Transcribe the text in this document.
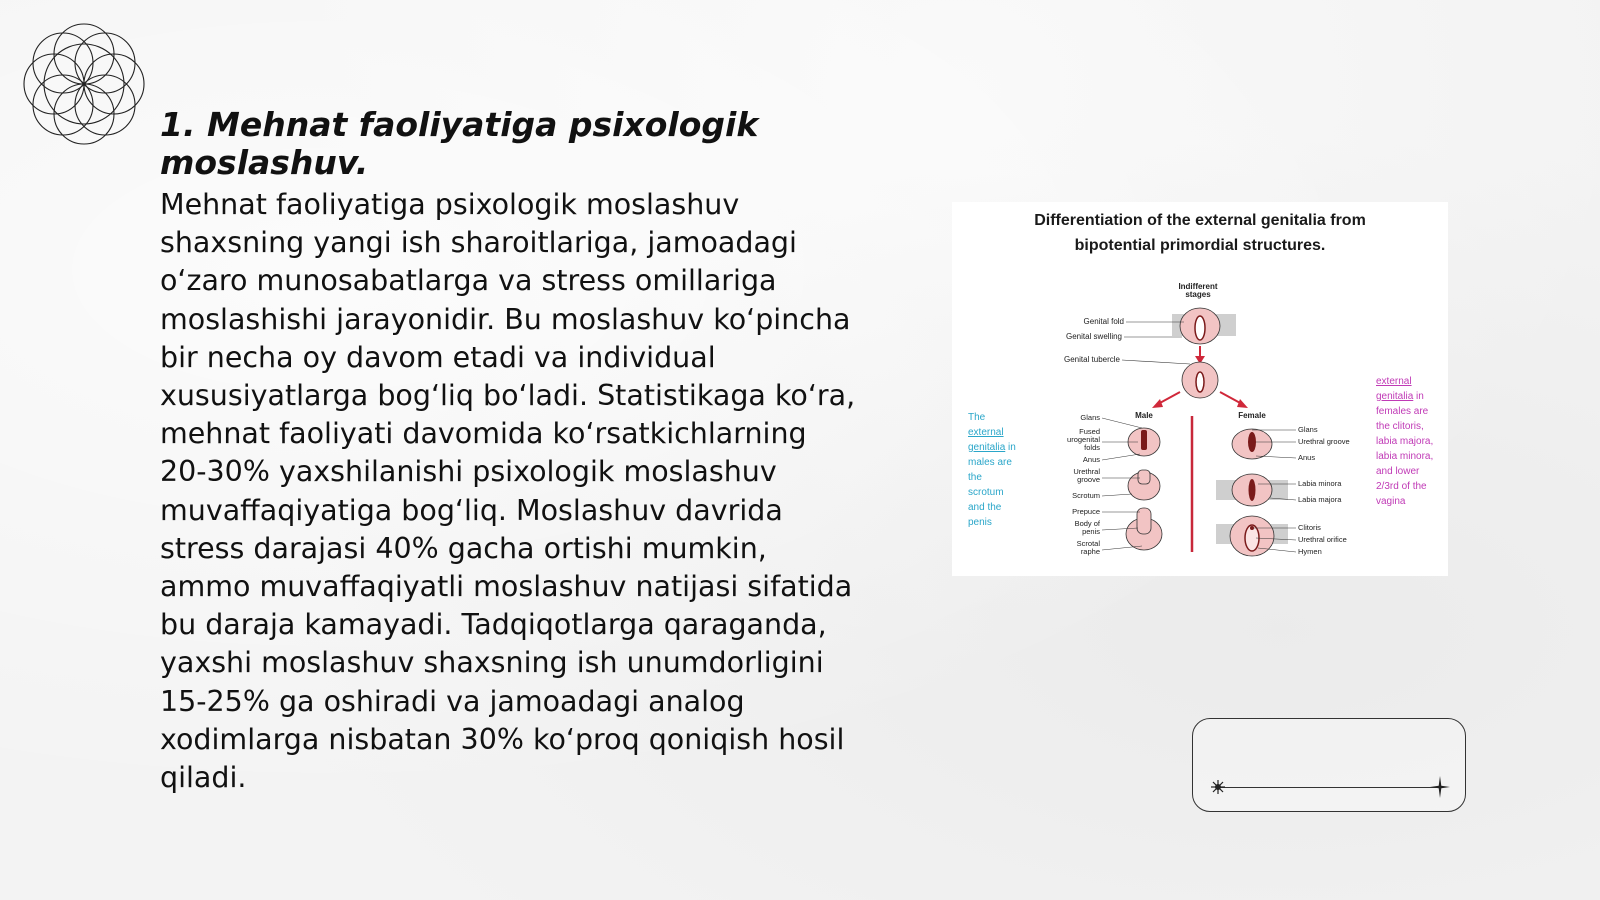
1. Mehnat faoliyatiga psixologik moslashuv.

Mehnat faoliyatiga psixologik moslashuv shaxsning yangi ish sharoitlariga, jamoadagi o‘zaro munosabatlarga va stress omillariga moslashishi jarayonidir. Bu moslashuv ko‘pincha bir necha oy davom etadi va individual xususiyatlarga bog‘liq bo‘ladi. Statistikaga ko‘ra, mehnat faoliyati davomida ko‘rsatkichlarning 20-30% yaxshilanishi psixologik moslashuv muvaffaqiyatiga bog‘liq. Moslashuv davrida stress darajasi 40% gacha ortishi mumkin, ammo muvaffaqiyatli moslashuv natijasi sifatida bu daraja kamayadi. Tadqiqotlarga qaraganda, yaxshi moslashuv shaxsning ish unumdorligini 15-25% ga oshiradi va jamoadagi analog xodimlarga nisbatan 30% ko‘proq qoniqish hosil qiladi.

Indifferent
stages
Genital fold
Genital swelling
Genital tubercle
Male	Female
Glans
Fused
urogenital
folds
Anus
Urethral
groove
Scrotum
Prepuce
Body of
penis
Scrotal
raphe
Glans
Urethral groove
Anus
Labia minora
Labia majora
Clitoris
Urethral orifice
Hymen
Differentiation of the external genitalia from
bipotential primordial structures.
The external genitalia in males are the scrotum and the penis
external genitalia in females are the clitoris, labia majora, labia minora, and lower 2/3rd of the vagina
